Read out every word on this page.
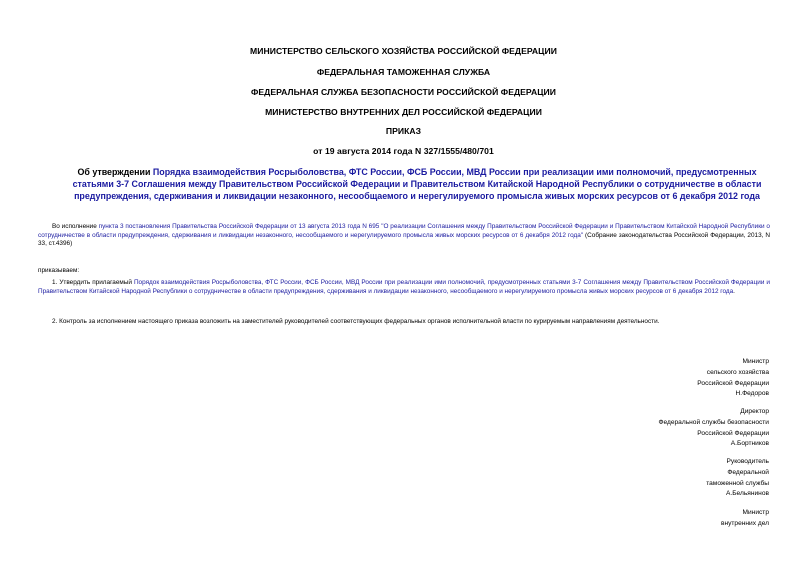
МИНИСТЕРСТВО СЕЛЬСКОГО ХОЗЯЙСТВА РОССИЙСКОЙ ФЕДЕРАЦИИ
ФЕДЕРАЛЬНАЯ ТАМОЖЕННАЯ СЛУЖБА
ФЕДЕРАЛЬНАЯ СЛУЖБА БЕЗОПАСНОСТИ РОССИЙСКОЙ ФЕДЕРАЦИИ
МИНИСТЕРСТВО ВНУТРЕННИХ ДЕЛ РОССИЙСКОЙ ФЕДЕРАЦИИ
ПРИКАЗ
от 19 августа 2014 года N 327/1555/480/701
Об утверждении Порядка взаимодействия Росрыболовства, ФТС России, ФСБ России, МВД России при реализации ими полномочий, предусмотренных статьями 3-7 Соглашения между Правительством Российской Федерации и Правительством Китайской Народной Республики о сотрудничестве в области предупреждения, сдерживания и ликвидации незаконного, несообщаемого и нерегулируемого промысла живых морских ресурсов от 6 декабря 2012 года
Во исполнение пункта 3 постановления Правительства Российской Федерации от 13 августа 2013 года N 695 "О реализации Соглашения между Правительством Российской Федерации и Правительством Китайской Народной Республики о сотрудничестве в области предупреждения, сдерживания и ликвидации незаконного, несообщаемого и нерегулируемого промысла живых морских ресурсов от 6 декабря 2012 года" (Собрание законодательства Российской Федерации, 2013, N 33, ст.4396)
приказываем:
1. Утвердить прилагаемый Порядок взаимодействия Росрыболовства, ФТС России, ФСБ России, МВД России при реализации ими полномочий, предусмотренных статьями 3-7 Соглашения между Правительством Российской Федерации и Правительством Китайской Народной Республики о сотрудничестве в области предупреждения, сдерживания и ликвидации незаконного, несообщаемого и нерегулируемого промысла живых морских ресурсов от 6 декабря 2012 года.
2. Контроль за исполнением настоящего приказа возложить на заместителей руководителей соответствующих федеральных органов исполнительной власти по курируемым направлениям деятельности.
Министр
сельского хозяйства
Российской Федерации
Н.Федоров
Директор
Федеральной службы безопасности
Российской Федерации
А.Бортников
Руководитель
Федеральной
таможенной службы
А.Бельянинов
Министр
внутренних дел
